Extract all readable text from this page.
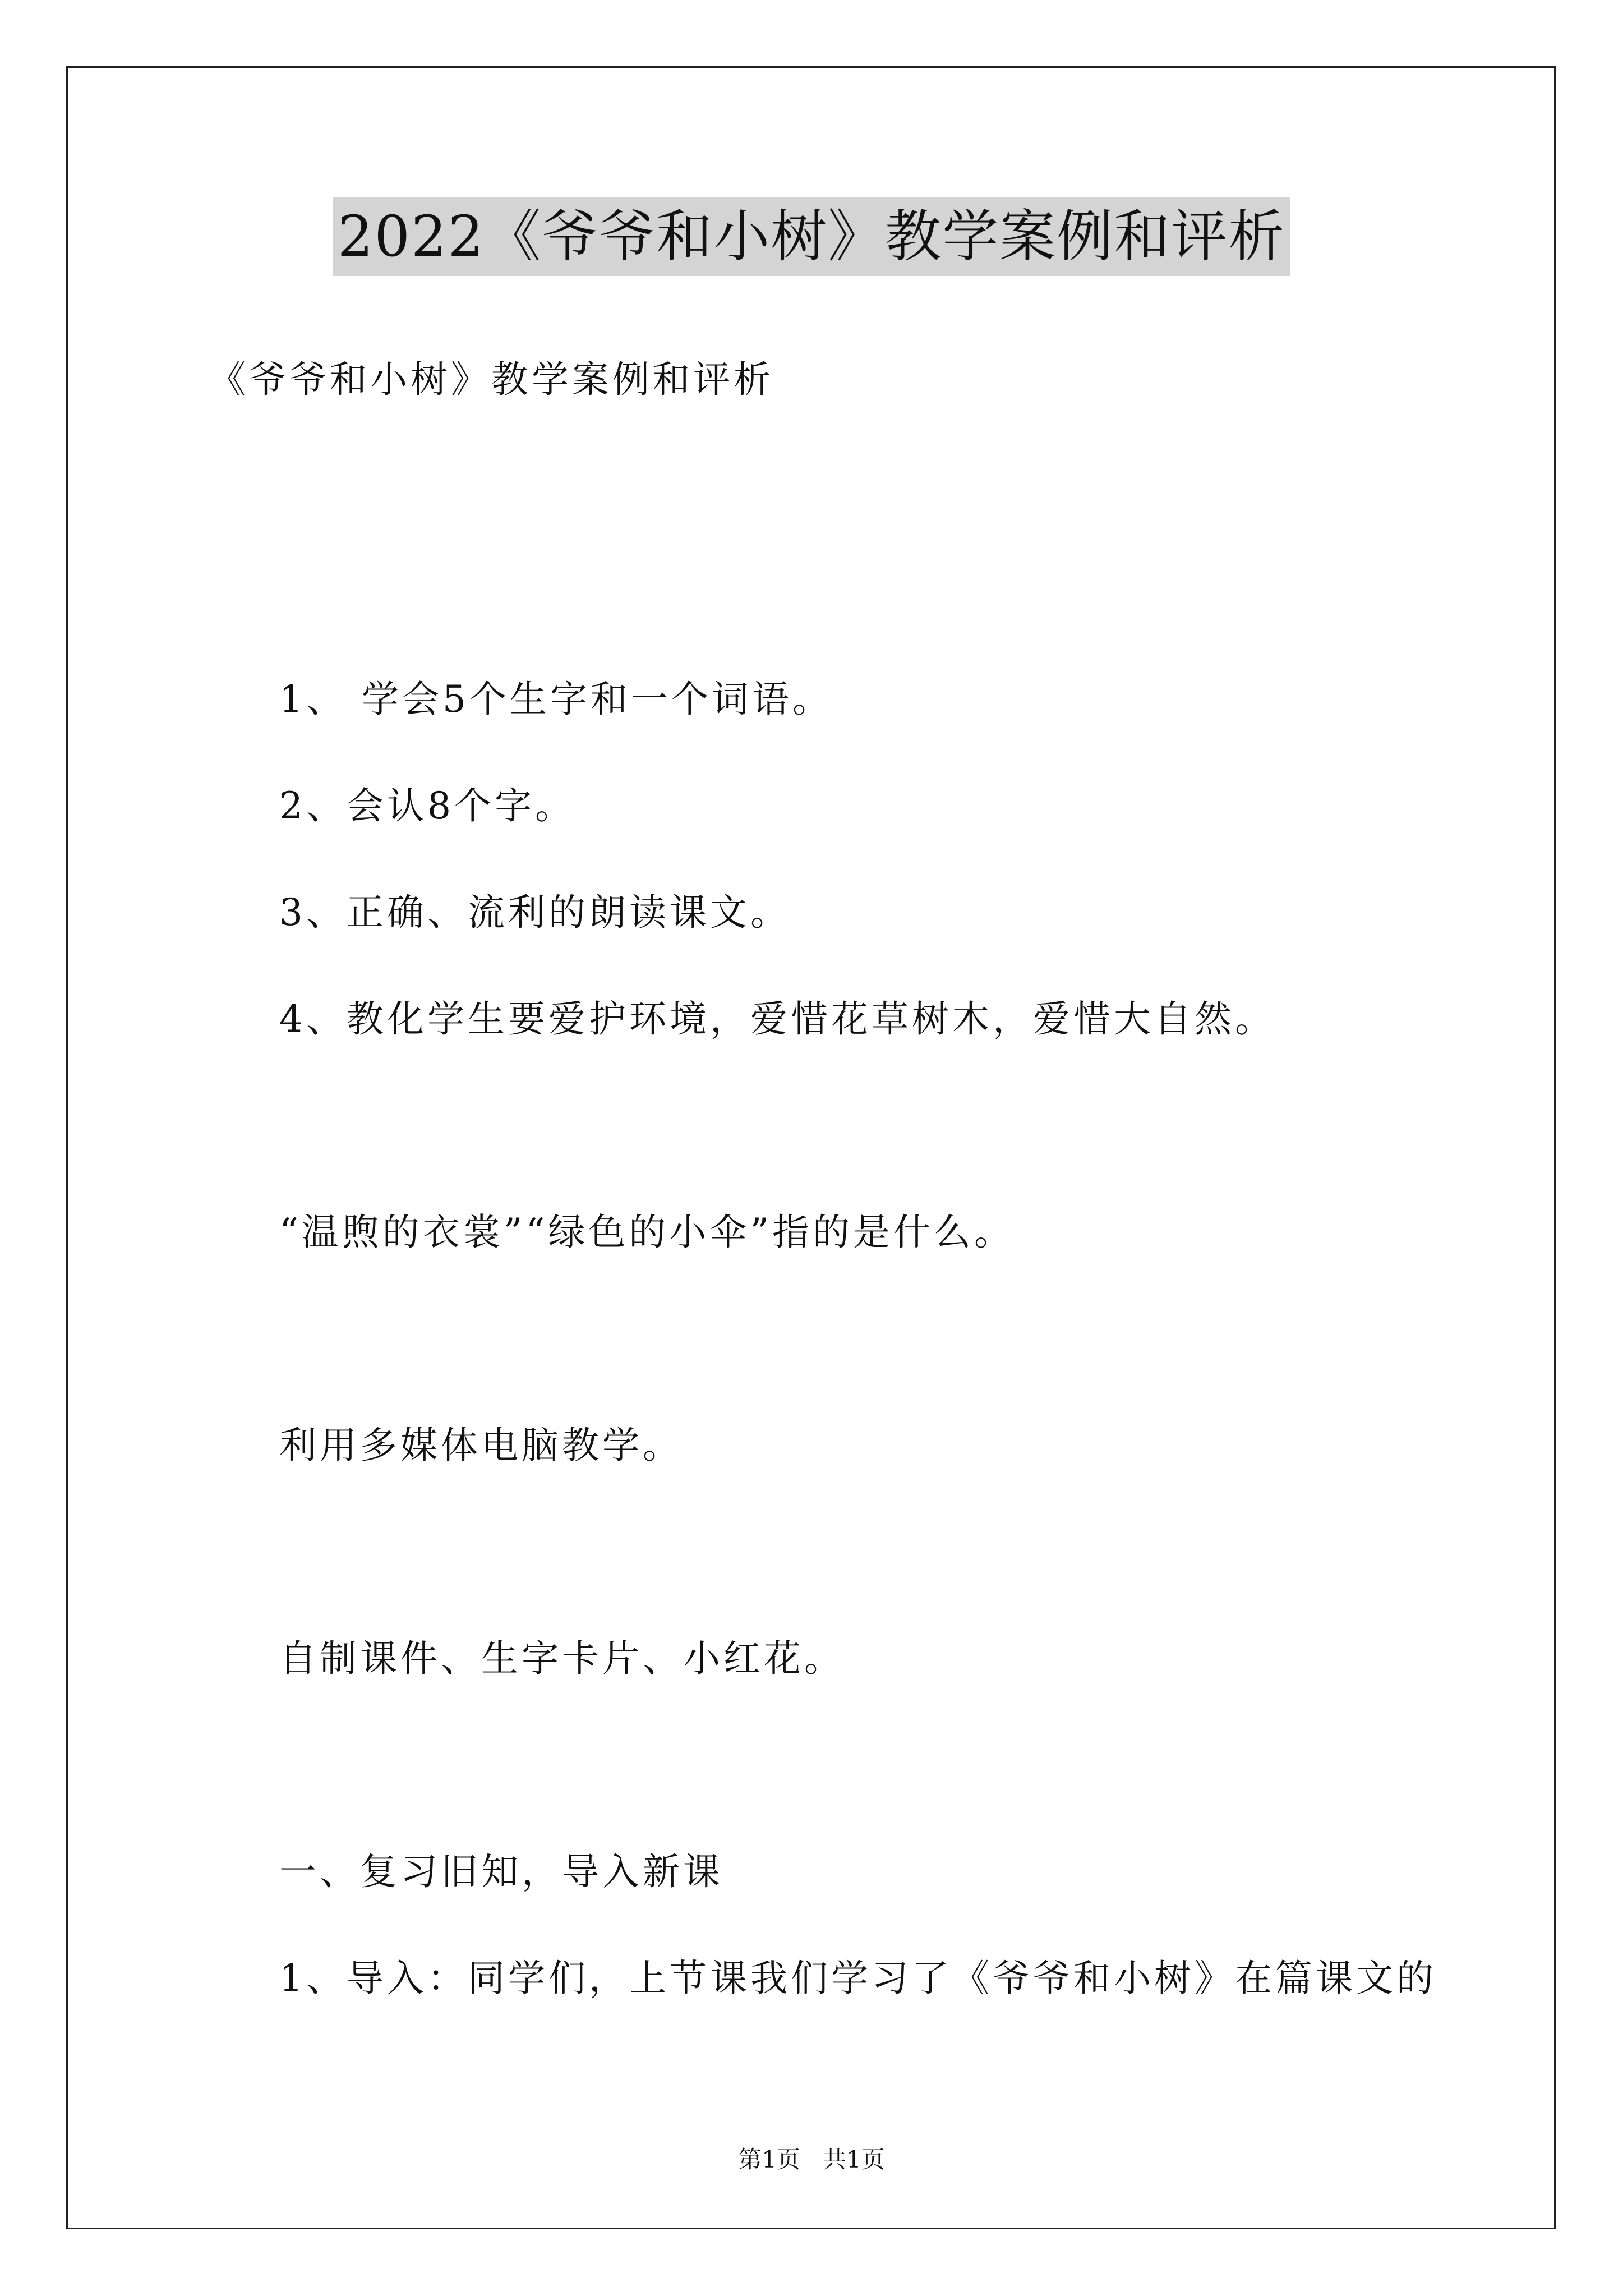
2022《爷爷和小树》教学案例和评析
《爷爷和小树》教学案例和评析
1、 学会5个生字和一个词语。
2、会认8个字。
3、正确、流利的朗读课文。
4、教化学生要爱护环境，爱惜花草树木，爱惜大自然。
“温煦的衣裳”“绿色的小伞”指的是什么。
利用多媒体电脑教学。
自制课件、生字卡片、小红花。
一、复习旧知，导入新课
1、导入：同学们，上节课我们学习了《爷爷和小树》在篇课文的
第1页   共1页
